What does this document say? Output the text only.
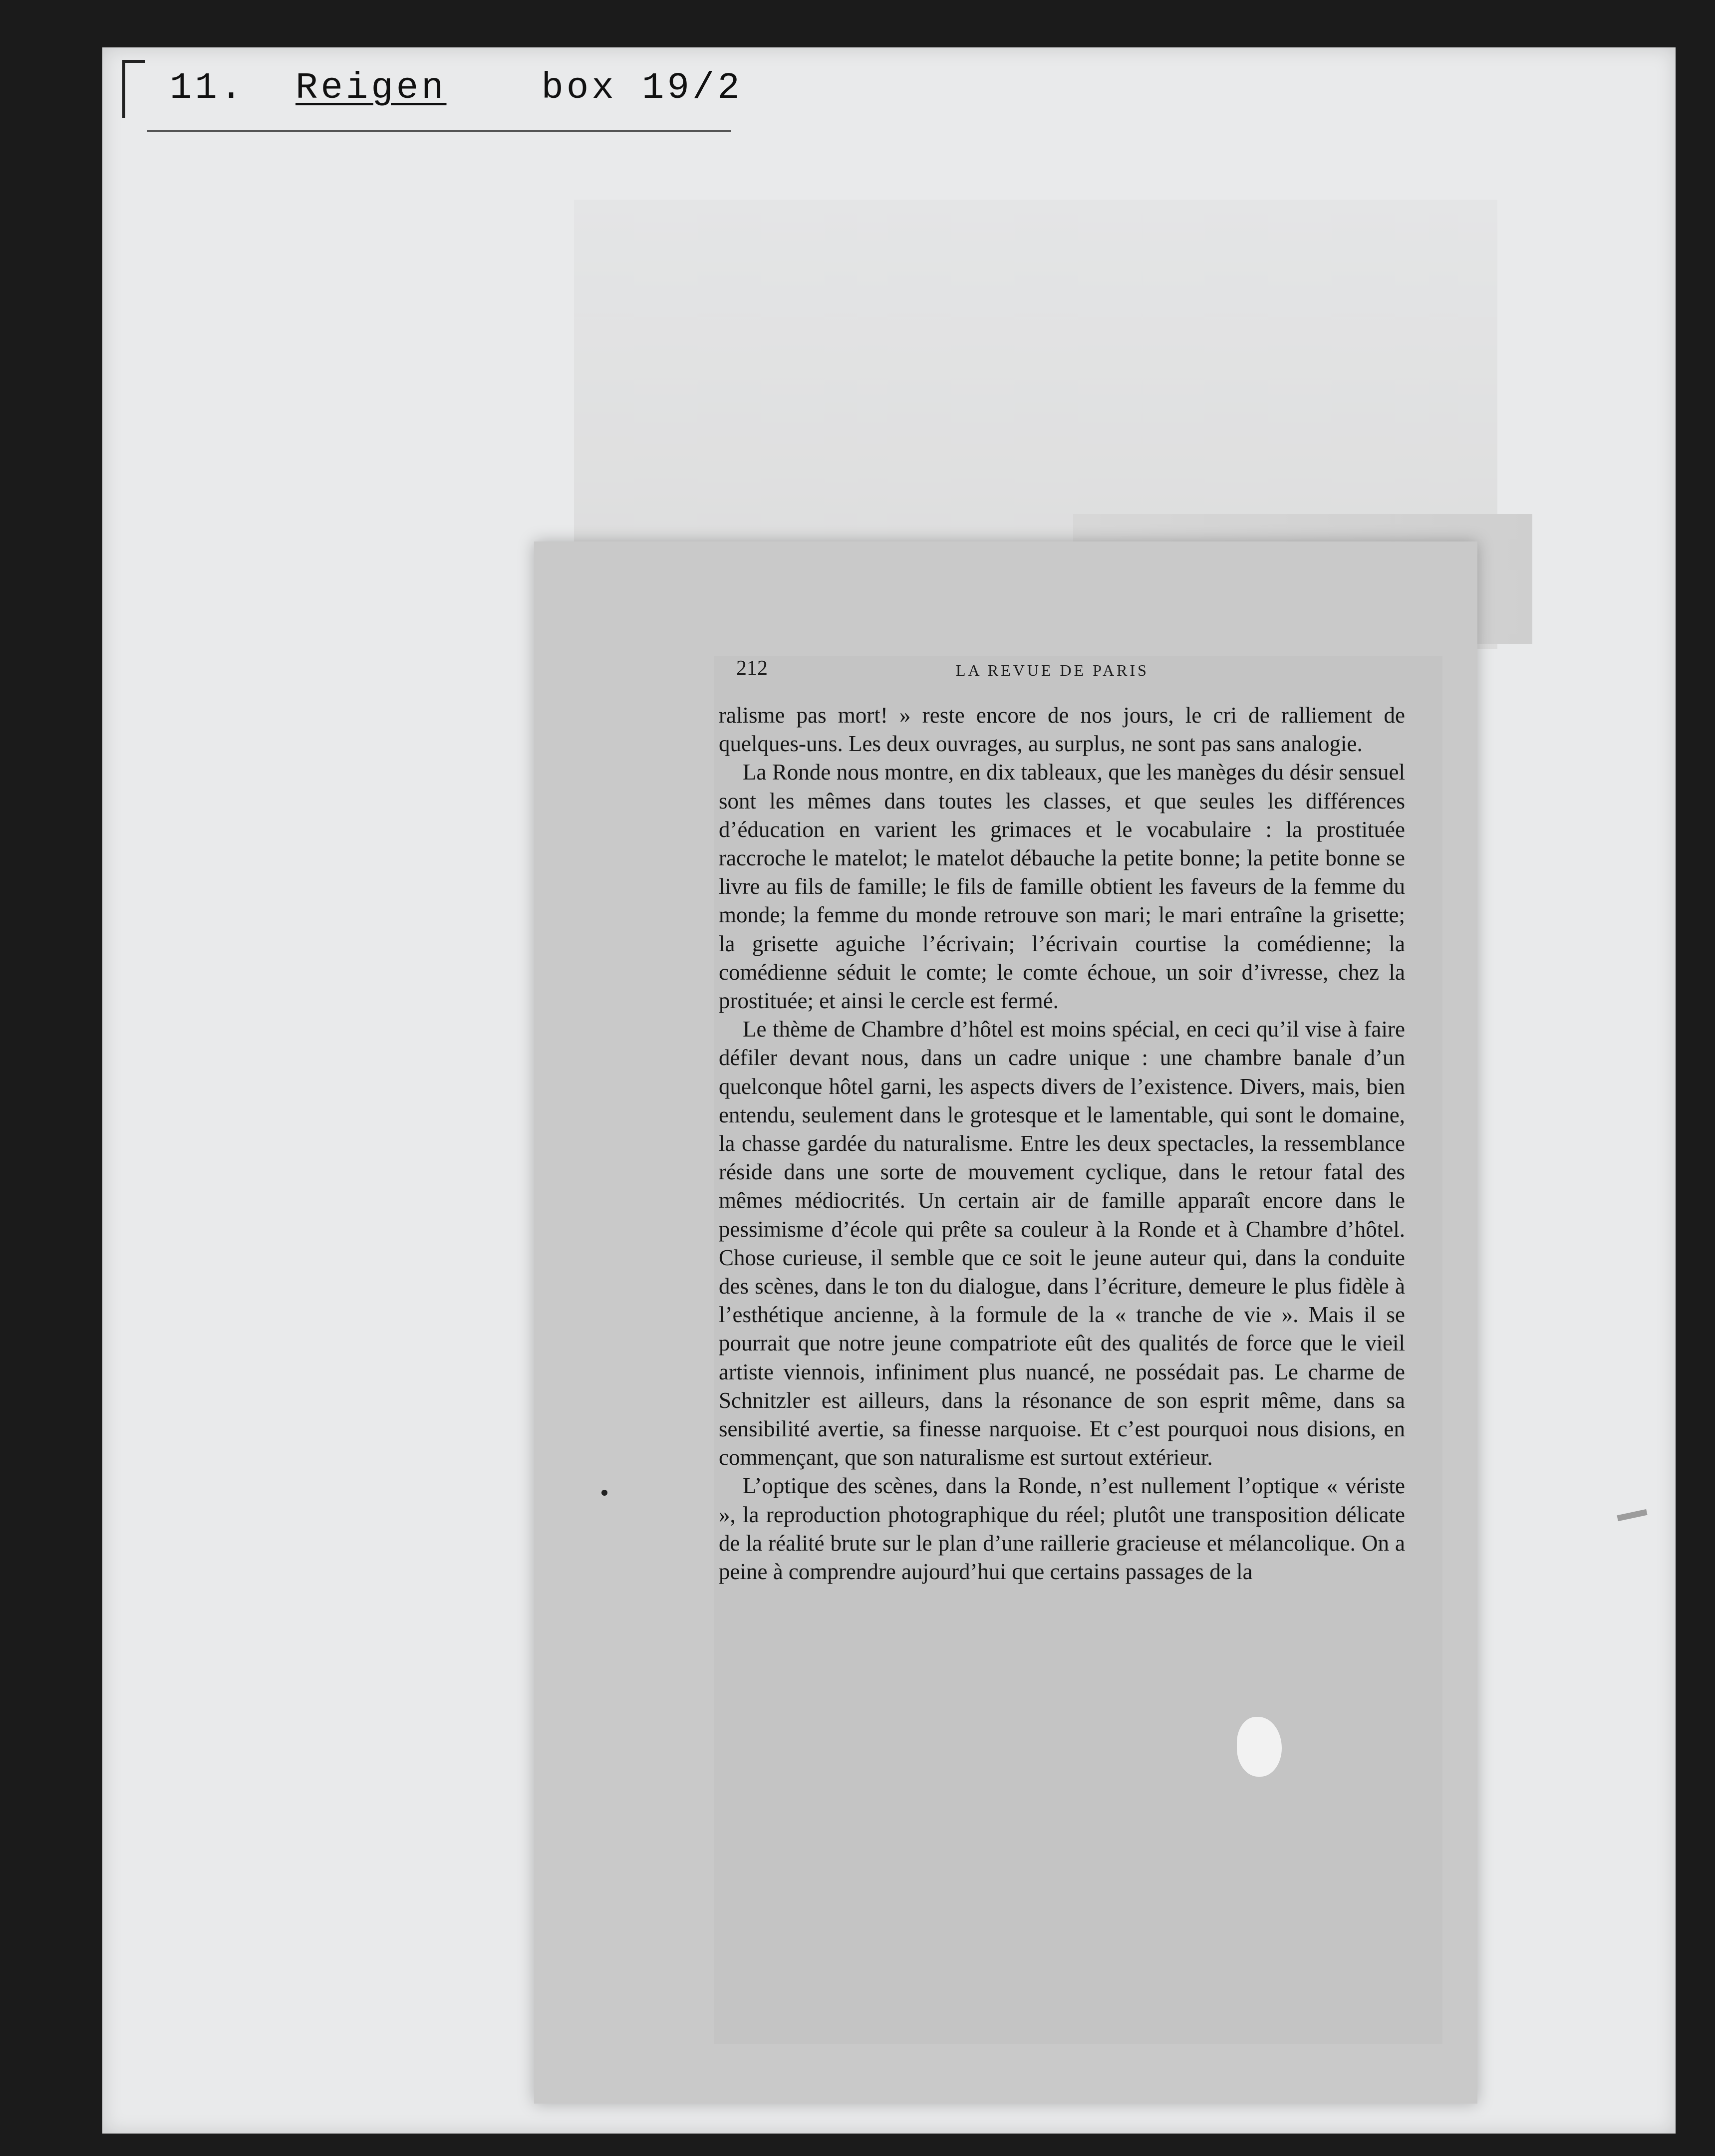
11. Reigen	box 19/2
212	LA REVUE DE PARIS

ralisme pas mort! » reste encore de nos jours, le cri de ralliement de quelques-uns. Les deux ouvrages, au surplus, ne sont pas sans analogie.

La Ronde nous montre, en dix tableaux, que les manèges du désir sensuel sont les mêmes dans toutes les classes, et que seules les différences d’éducation en varient les grimaces et le vocabulaire : la prostituée raccroche le matelot; le matelot débauche la petite bonne; la petite bonne se livre au fils de famille; le fils de famille obtient les faveurs de la femme du monde; la femme du monde retrouve son mari; le mari entraîne la grisette; la grisette aguiche l’écrivain; l’écrivain courtise la comédienne; la comédienne séduit le comte; le comte échoue, un soir d’ivresse, chez la prostituée; et ainsi le cercle est fermé.

Le thème de Chambre d’hôtel est moins spécial, en ceci qu’il vise à faire défiler devant nous, dans un cadre unique : une chambre banale d’un quelconque hôtel garni, les aspects divers de l’existence. Divers, mais, bien entendu, seulement dans le grotesque et le lamentable, qui sont le domaine, la chasse gardée du naturalisme. Entre les deux spectacles, la ressemblance réside dans une sorte de mouvement cyclique, dans le retour fatal des mêmes médiocrités. Un certain air de famille apparaît encore dans le pessimisme d’école qui prête sa couleur à la Ronde et à Chambre d’hôtel. Chose curieuse, il semble que ce soit le jeune auteur qui, dans la conduite des scènes, dans le ton du dialogue, dans l’écriture, demeure le plus fidèle à l’esthétique ancienne, à la formule de la « tranche de vie ». Mais il se pourrait que notre jeune compatriote eût des qualités de force que le vieil artiste viennois, infiniment plus nuancé, ne possédait pas. Le charme de Schnitzler est ailleurs, dans la résonance de son esprit même, dans sa sensibilité avertie, sa finesse narquoise. Et c’est pourquoi nous disions, en commençant, que son naturalisme est surtout extérieur.

L’optique des scènes, dans la Ronde, n’est nullement l’optique « vériste », la reproduction photographique du réel; plutôt une transposition délicate de la réalité brute sur le plan d’une raillerie gracieuse et mélancolique. On a peine à comprendre aujourd’hui que certains passages de la
